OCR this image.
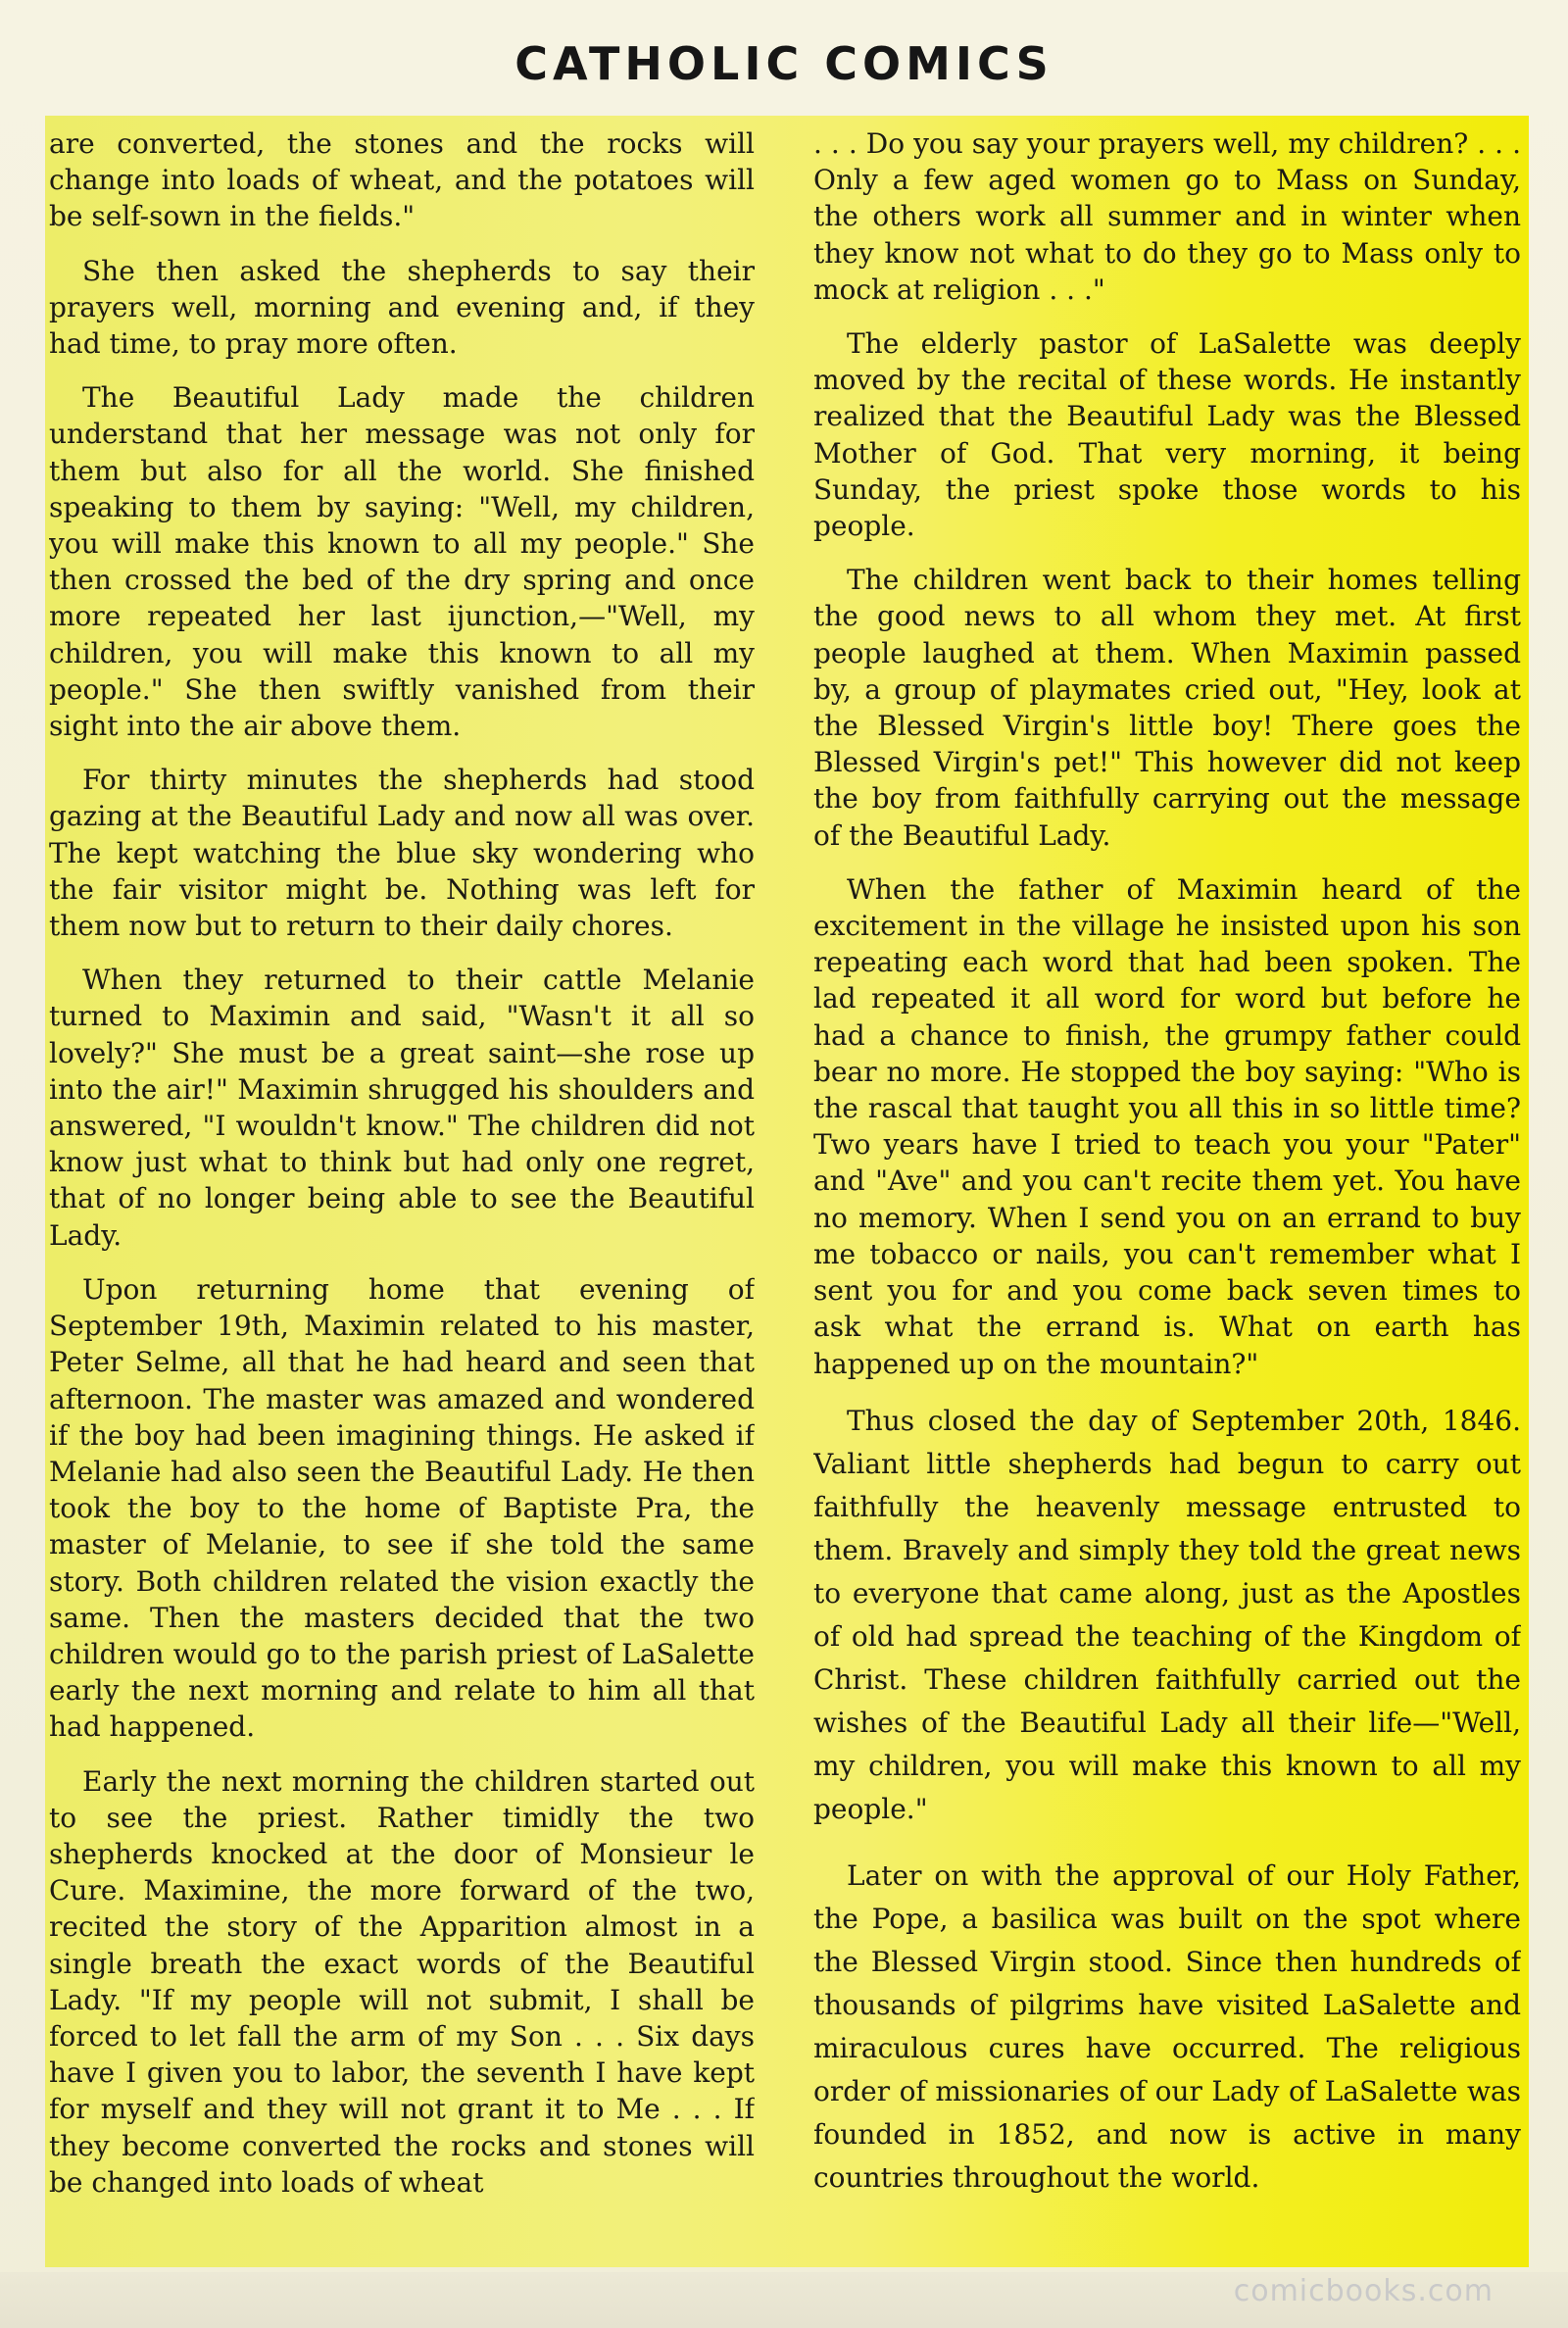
CATHOLIC COMICS

are converted, the stones and the rocks will change into loads of wheat, and the potatoes will be self-sown in the fields."

She then asked the shepherds to say their prayers well, morning and evening and, if they had time, to pray more often.

The Beautiful Lady made the children understand that her message was not only for them but also for all the world. She finished speaking to them by saying: "Well, my children, you will make this known to all my people." She then crossed the bed of the dry spring and once more repeated her last ijunction,—"Well, my children, you will make this known to all my people." She then swiftly vanished from their sight into the air above them.

For thirty minutes the shepherds had stood gazing at the Beautiful Lady and now all was over. The kept watching the blue sky wondering who the fair visitor might be. Nothing was left for them now but to return to their daily chores.

When they returned to their cattle Melanie turned to Maximin and said, "Wasn't it all so lovely?" She must be a great saint—she rose up into the air!" Maximin shrugged his shoulders and answered, "I wouldn't know." The children did not know just what to think but had only one regret, that of no longer being able to see the Beautiful Lady.

Upon returning home that evening of September 19th, Maximin related to his master, Peter Selme, all that he had heard and seen that afternoon. The master was amazed and wondered if the boy had been imagining things. He asked if Melanie had also seen the Beautiful Lady. He then took the boy to the home of Baptiste Pra, the master of Melanie, to see if she told the same story. Both children related the vision exactly the same. Then the masters decided that the two children would go to the parish priest of LaSalette early the next morning and relate to him all that had happened.

Early the next morning the children started out to see the priest. Rather timidly the two shepherds knocked at the door of Monsieur le Cure. Maximine, the more forward of the two, recited the story of the Apparition almost in a single breath the exact words of the Beautiful Lady. "If my people will not submit, I shall be forced to let fall the arm of my Son . . . Six days have I given you to labor, the seventh I have kept for myself and they will not grant it to Me . . . If they become converted the rocks and stones will be changed into loads of wheat

. . . Do you say your prayers well, my children? . . . Only a few aged women go to Mass on Sunday, the others work all summer and in winter when they know not what to do they go to Mass only to mock at religion . . ."

The elderly pastor of LaSalette was deeply moved by the recital of these words. He instantly realized that the Beautiful Lady was the Blessed Mother of God. That very morning, it being Sunday, the priest spoke those words to his people.

The children went back to their homes telling the good news to all whom they met. At first people laughed at them. When Maximin passed by, a group of playmates cried out, "Hey, look at the Blessed Virgin's little boy! There goes the Blessed Virgin's pet!" This however did not keep the boy from faithfully carrying out the message of the Beautiful Lady.

When the father of Maximin heard of the excitement in the village he insisted upon his son repeating each word that had been spoken. The lad repeated it all word for word but before he had a chance to finish, the grumpy father could bear no more. He stopped the boy saying: "Who is the rascal that taught you all this in so little time? Two years have I tried to teach you your "Pater" and "Ave" and you can't recite them yet. You have no memory. When I send you on an errand to buy me tobacco or nails, you can't remember what I sent you for and you come back seven times to ask what the errand is. What on earth has happened up on the mountain?"

Thus closed the day of September 20th, 1846. Valiant little shepherds had begun to carry out faithfully the heavenly message entrusted to them. Bravely and simply they told the great news to everyone that came along, just as the Apostles of old had spread the teaching of the Kingdom of Christ. These children faithfully carried out the wishes of the Beautiful Lady all their life—"Well, my children, you will make this known to all my people."

Later on with the approval of our Holy Father, the Pope, a basilica was built on the spot where the Blessed Virgin stood. Since then hundreds of thousands of pilgrims have visited LaSalette and miraculous cures have occurred. The religious order of missionaries of our Lady of LaSalette was founded in 1852, and now is active in many countries throughout the world.

comicbooks.com
